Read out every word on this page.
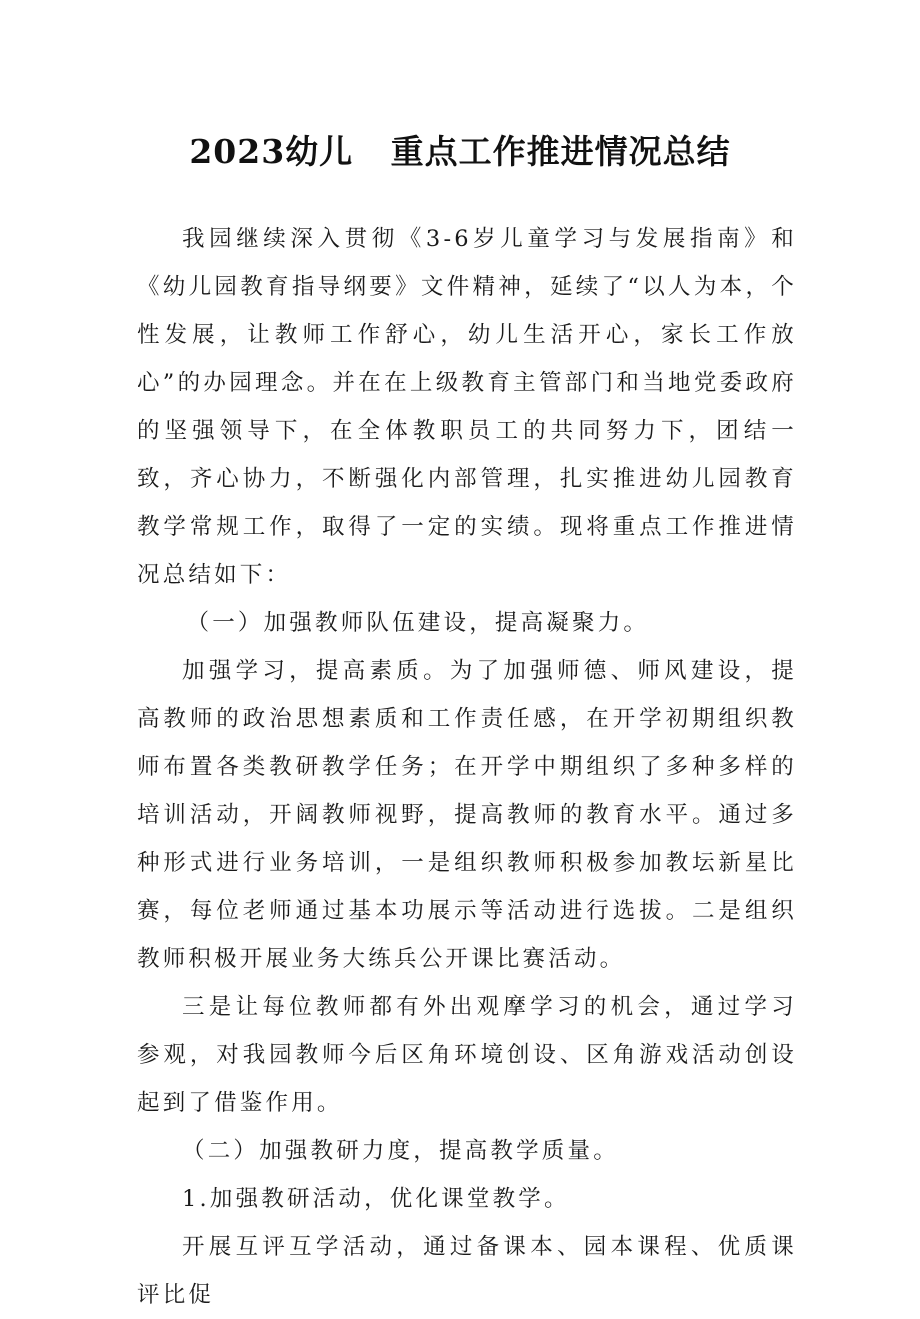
2023幼儿   重点工作推进情况总结

我园继续深入贯彻《3-6岁儿童学习与发展指南》和《幼儿园教育指导纲要》文件精神，延续了“以人为本，个性发展，让教师工作舒心，幼儿生活开心，家长工作放心”的办园理念。并在在上级教育主管部门和当地党委政府的坚强领导下，在全体教职员工的共同努力下，团结一致，齐心协力，不断强化内部管理，扎实推进幼儿园教育教学常规工作，取得了一定的实绩。现将重点工作推进情况总结如下：

（一）加强教师队伍建设，提高凝聚力。

加强学习，提高素质。为了加强师德、师风建设，提高教师的政治思想素质和工作责任感，在开学初期组织教师布置各类教研教学任务；在开学中期组织了多种多样的培训活动，开阔教师视野，提高教师的教育水平。通过多种形式进行业务培训，一是组织教师积极参加教坛新星比赛，每位老师通过基本功展示等活动进行选拔。二是组织教师积极开展业务大练兵公开课比赛活动。

三是让每位教师都有外出观摩学习的机会，通过学习参观，对我园教师今后区角环境创设、区角游戏活动创设起到了借鉴作用。

（二）加强教研力度，提高教学质量。

1.加强教研活动，优化课堂教学。

开展互评互学活动，通过备课本、园本课程、优质课评比促
